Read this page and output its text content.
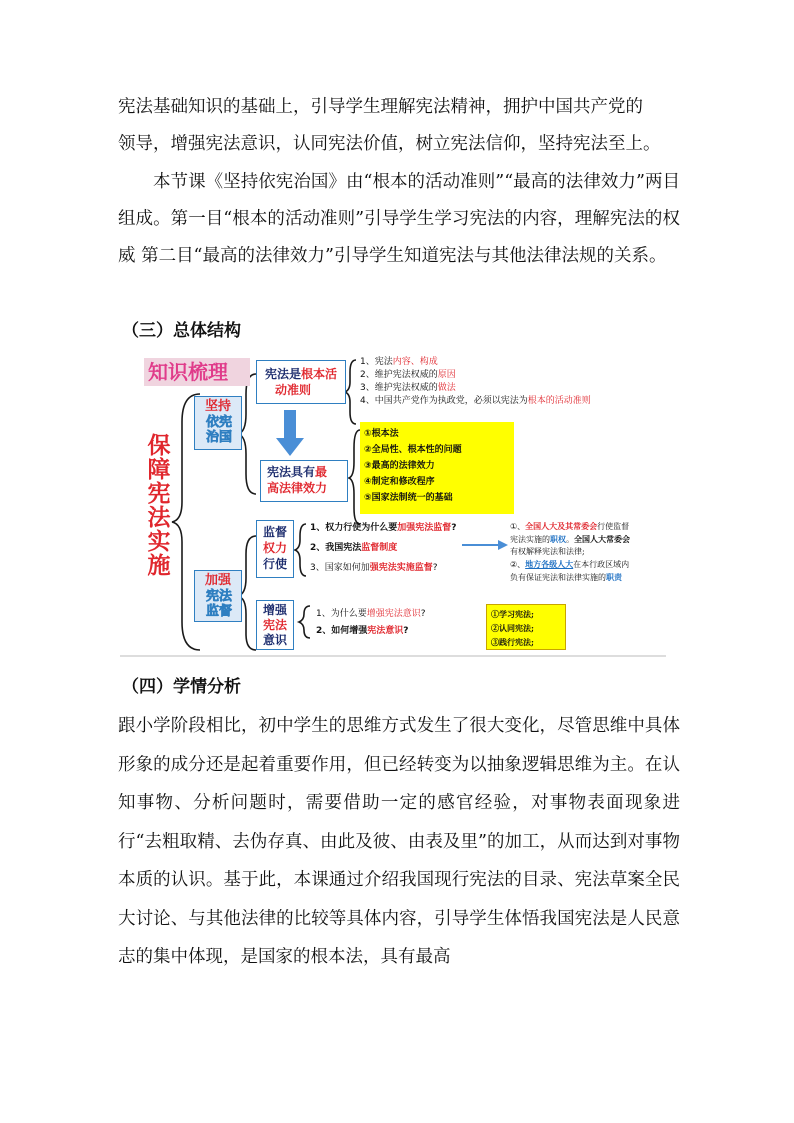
宪法基础知识的基础上，引导学生理解宪法精神，拥护中国共产党的

领导，增强宪法意识，认同宪法价值，树立宪法信仰，坚持宪法至上。

本节课《坚持依宪治国》由“根本的活动准则”“最高的法律效力”两目组成。第一目“根本的活动准则”引导学生学习宪法的内容，理解宪法的权威 第二目“最高的法律效力”引导学生知道宪法与其他法律法规的关系。

（三）总体结构

知识梳理
保障宪法实施
坚持
依宪治国
加强
宪法监督
宪法是根本活
动准则
宪法具有最
高法律效力
监督
权力
行使
增强
宪法
意识
1、宪法内容、构成
2、维护宪法权威的原因
3、维护宪法权威的做法
4、中国共产党作为执政党，必须以宪法为根本的活动准则
①根本法
②全局性、根本性的问题
③最高的法律效力
④制定和修改程序
⑤国家法制统一的基础
1、权力行使为什么要加强宪法监督?
2、我国宪法监督制度
3、国家如何加强宪法实施监督?
①、全国人大及其常委会行使监督
宪法实施的职权。全国人大常委会
有权解释宪法和法律;
②、地方各级人大在本行政区域内
负有保证宪法和法律实施的职责
1、为什么要增强宪法意识?
2、如何增强宪法意识?
①学习宪法;
②认同宪法;
③践行宪法;

（四）学情分析

跟小学阶段相比，初中学生的思维方式发生了很大变化，尽管思维中具体形象的成分还是起着重要作用，但已经转变为以抽象逻辑思维为主。在认知事物、分析问题时，需要借助一定的感官经验，对事物表面现象进行“去粗取精、去伪存真、由此及彼、由表及里”的加工，从而达到对事物本质的认识。基于此，本课通过介绍我国现行宪法的目录、宪法草案全民大讨论、与其他法律的比较等具体内容，引导学生体悟我国宪法是人民意志的集中体现，是国家的根本法，具有最高
